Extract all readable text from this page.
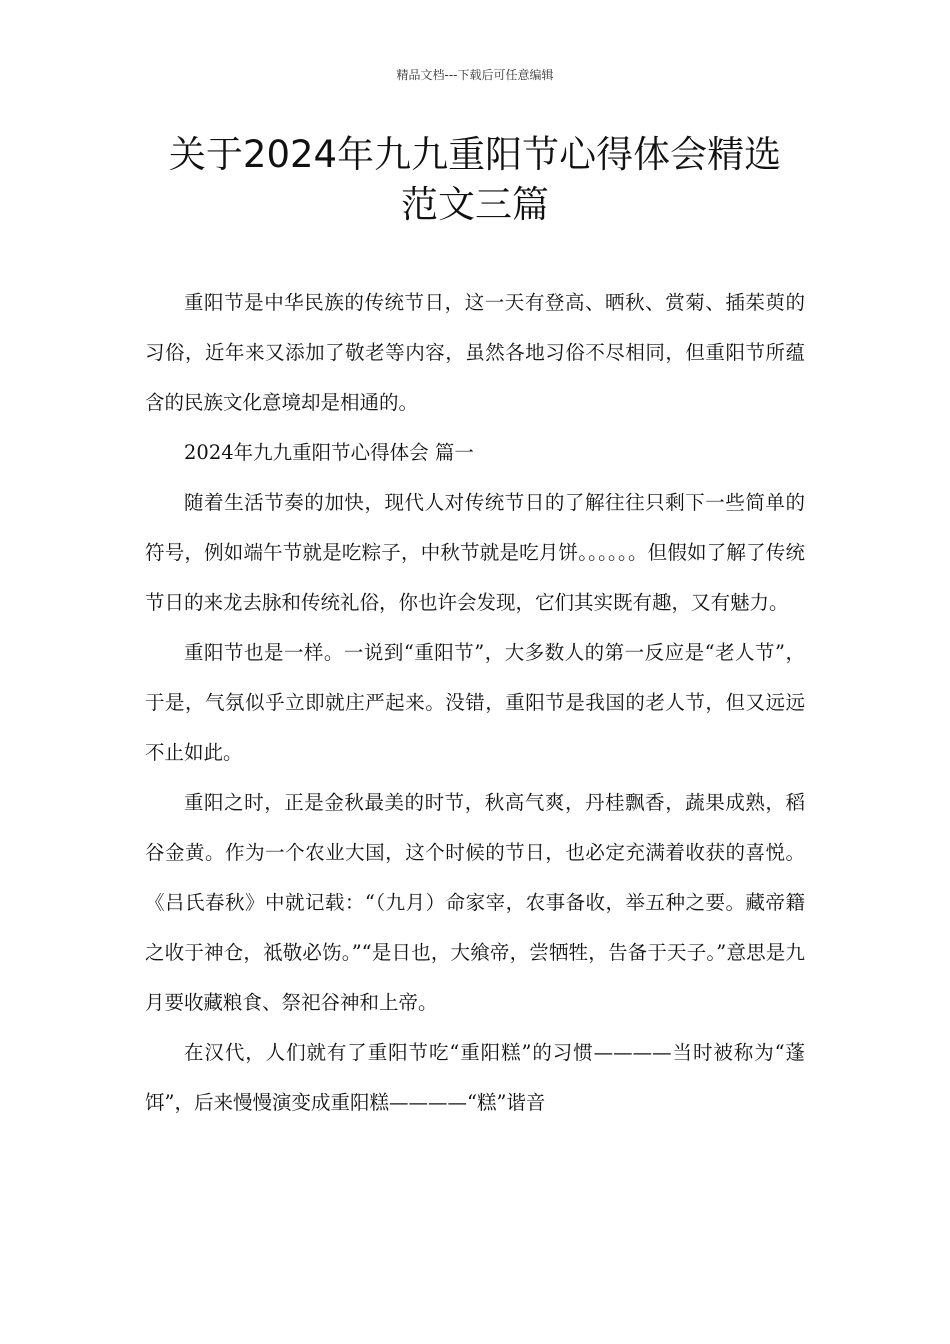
精品文档---下载后可任意编辑
关于2024年九九重阳节心得体会精选
范文三篇

重阳节是中华民族的传统节日，这一天有登高、晒秋、赏菊、插茱萸的习俗，近年来又添加了敬老等内容，虽然各地习俗不尽相同，但重阳节所蕴含的民族文化意境却是相通的。

2024年九九重阳节心得体会 篇一

随着生活节奏的加快，现代人对传统节日的了解往往只剩下一些简单的符号，例如端午节就是吃粽子，中秋节就是吃月饼。。。。。。但假如了解了传统节日的来龙去脉和传统礼俗，你也许会发现，它们其实既有趣，又有魅力。

重阳节也是一样。一说到“重阳节”，大多数人的第一反应是“老人节”，于是，气氛似乎立即就庄严起来。没错，重阳节是我国的老人节，但又远远不止如此。

重阳之时，正是金秋最美的时节，秋高气爽，丹桂飘香，蔬果成熟，稻谷金黄。作为一个农业大国，这个时候的节日，也必定充满着收获的喜悦。《吕氏春秋》中就记载：“（九月）命家宰，农事备收，举五种之要。藏帝籍之收于神仓，祗敬必饬。”“是日也，大飨帝，尝牺牲，告备于天子。”意思是九月要收藏粮食、祭祀谷神和上帝。

在汉代，人们就有了重阳节吃“重阳糕”的习惯————当时被称为“蓬饵”，后来慢慢演变成重阳糕————“糕”谐音
